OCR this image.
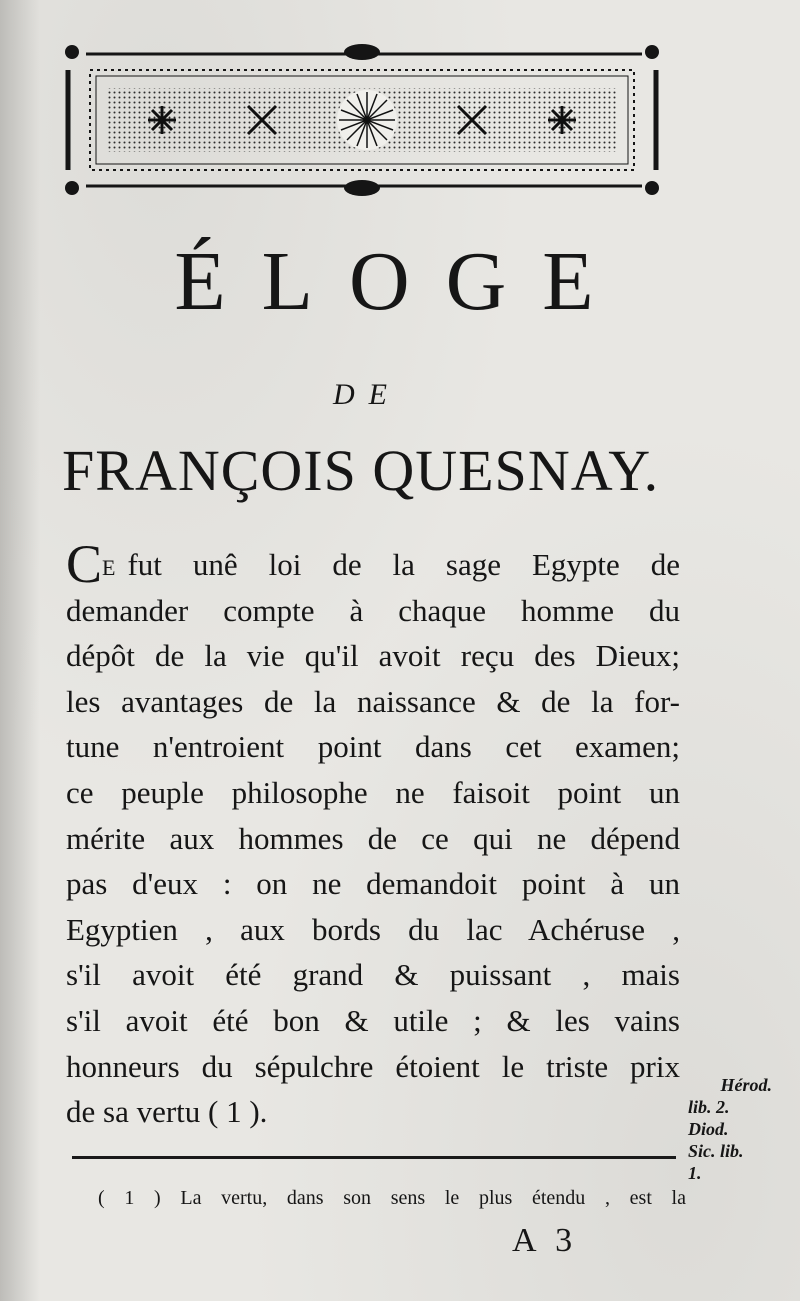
ÉLOGE
DE
FRANÇOIS QUESNAY.
CE fut unê loi de la sage Egypte de
demander compte à chaque homme du
dépôt de la vie qu'il avoit reçu des Dieux;
les avantages de la naissance & de la for-
tune n'entroient point dans cet examen;
ce peuple philosophe ne faisoit point un
mérite aux hommes de ce qui ne dépend
pas d'eux : on ne demandoit point à un
Egyptien , aux bords du lac Achéruse ,
s'il avoit été grand & puissant , mais
s'il avoit été bon & utile ; & les vains
honneurs du sépulchre étoient le triste prix
de sa vertu ( 1 ).
Hérod.
lib. 2.
Diod.
Sic. lib.
1.
( 1 ) La vertu, dans son sens le plus étendu , est la
A 3
